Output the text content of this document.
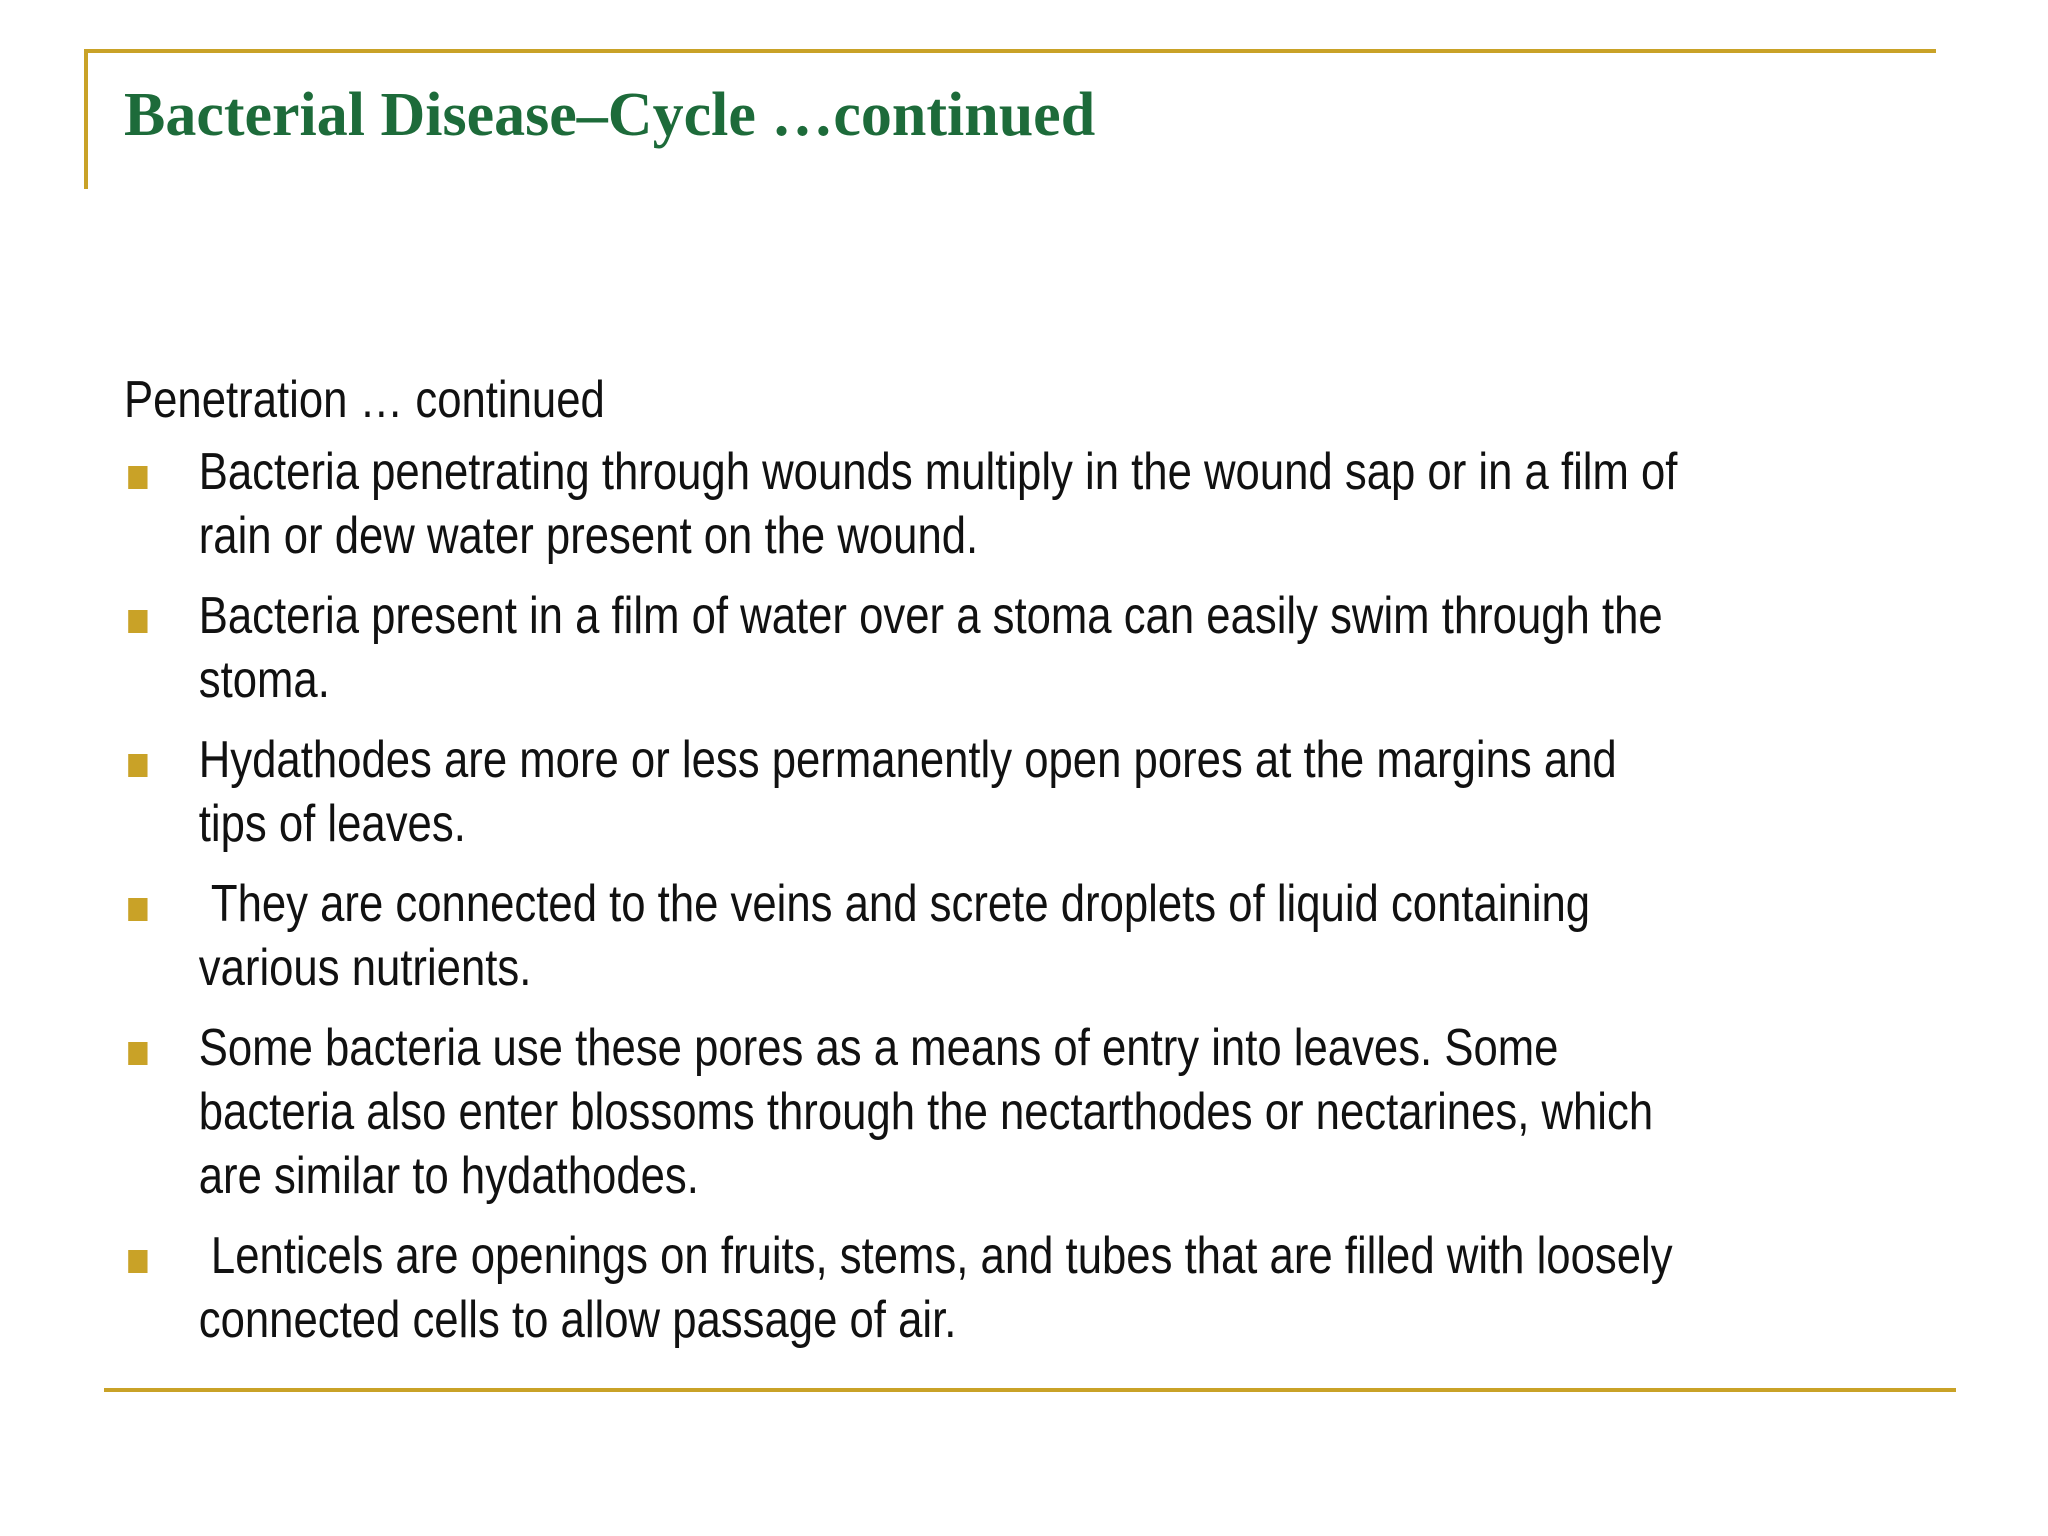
Bacterial Disease–Cycle …continued

Penetration … continued

Bacteria penetrating through wounds multiply in the wound sap or in a film of rain or dew water present on the wound.
Bacteria present in a film of water over a stoma can easily swim through the stoma.
Hydathodes are more or less permanently open pores at the margins and tips of leaves.
They are connected to the veins and screte droplets of liquid containing various nutrients.
Some bacteria use these pores as a means of entry into leaves. Some bacteria also enter blossoms through the nectarthodes or nectarines, which are similar to hydathodes.
Lenticels are openings on fruits, stems, and tubes that are filled with loosely connected cells to allow passage of air.
